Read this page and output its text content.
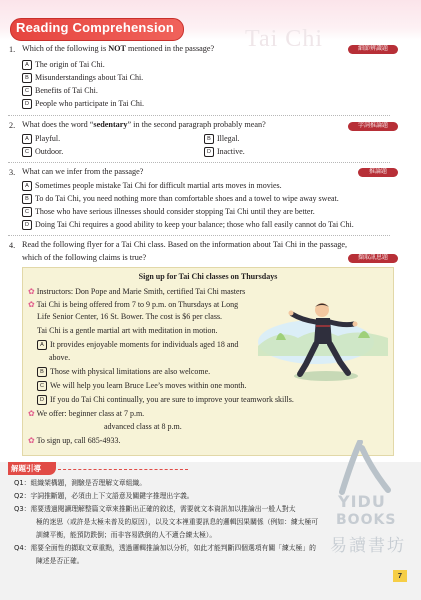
Tai Chi
Reading Comprehension
1. Which of the following is NOT mentioned in the passage?	細節辨識題
A The origin of Tai Chi.
B Misunderstandings about Tai Chi.
C Benefits of Tai Chi.
D People who participate in Tai Chi.
2. What does the word “sedentary” in the second paragraph probably mean?	字詞推論題
A Playful.	B Illegal.
C Outdoor.	D Inactive.
3. What can we infer from the passage?	推論題
A Sometimes people mistake Tai Chi for difficult martial arts moves in movies.
B To do Tai Chi, you need nothing more than comfortable shoes and a towel to wipe away sweat.
C Those who have serious illnesses should consider stopping Tai Chi until they are better.
D Doing Tai Chi requires a good ability to keep your balance; those who fall easily cannot do Tai Chi.
4. Read the following flyer for a Tai Chi class. Based on the information about Tai Chi in the passage,
which of the following claims is true?	擷取訊息題
Sign up for Tai Chi classes on Thursdays
✿ Instructors: Don Pope and Marie Smith, certified Tai Chi masters
✿ Tai Chi is being offered from 7 to 9 p.m. on Thursdays at Long
Life Senior Center, 16 St. Bower. The cost is $6 per class.
Tai Chi is a gentle martial art with meditation in motion.
A It provides enjoyable moments for individuals aged 18 and
above.
B Those with physical limitations are also welcome.
C We will help you learn Bruce Lee’s moves within one month.
D If you do Tai Chi continually, you are sure to improve your teamwork skills.
✿ We offer: beginner class at 7 p.m.
advanced class at 8 p.m.
✿ To sign up, call 685-4933.
解題引導
Q1：組織架構題，測驗是否理解文章組織。
Q2：字詞推斷題，必須由上下文語意及關鍵字推理出字義。
Q3：需要透過閱讀理解整篇文章來推斷出正確的敘述，需要就文本資訊加以推論出一般人對太
極的迷思（或許是太極未普及的原因），以及文本裡重要訊息的邏輯因果關係（例如：練太極可
訓練平衡，能預防跌倒；而非容易跌倒的人不適合練太極）。
Q4：需要全面性的擷取文章重點，透過邏輯推論加以分析，如此才能判斷四個選項有關「練太極」的
陳述是否正確。
YIDU
BOOKS
易讀書坊
7
